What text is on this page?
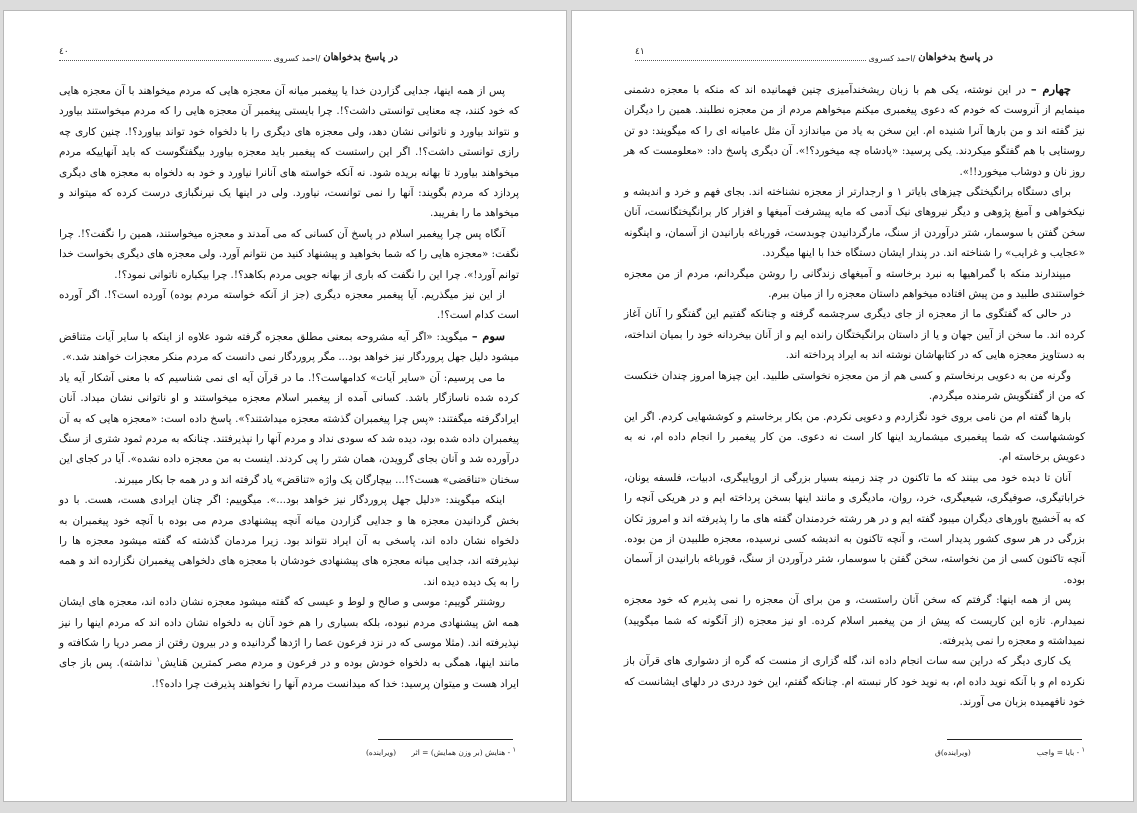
٤٠	در پاسخ بدخواهان
/احمد کسروی

پس از همه اینها، جدایی گزاردن خدا یا پیغمبر میانه آن معجزه هایی که مردم میخواهند با آن معجزه هایی که خود کنند، چه معنایی توانستی داشت؟!. چرا بایستی پیغمبر آن معجزه هایی را که مردم میخواستند بیاورد و نتواند بیاورد و ناتوانی نشان دهد، ولی معجزه های دیگری را با دلخواه خود تواند بیاورد؟!. چنین کاری چه رازی توانستی داشت؟!. اگر این راستست که پیغمبر باید معجزه بیاورد بیگفتگوست که باید آنهاییکه مردم میخواهند بیاورد تا بهانه بریده شود. نه آنکه خواسته های آنانرا نیاورد و خود به دلخواه به معجزه های دیگری پردازد که مردم بگویند: آنها را نمی توانست، نیاورد. ولی در اینها یک نیرنگبازی درست کرده که میتواند و میخواهد ما را بفریبد.

آنگاه پس چرا پیغمبر اسلام در پاسخ آن کسانی که می آمدند و معجزه میخواستند، همین را نگفت؟!. چرا نگفت: «معجزه هایی را که شما بخواهید و پیشنهاد کنید من نتوانم آورد. ولی معجزه های دیگری بخواست خدا توانم آورد!». چرا این را نگفت که باری از بهانه جویی مردم بکاهد؟!. چرا بیکباره ناتوانی نمود؟!.

از این نیز میگذریم. آیا پیغمبر معجزه دیگری (جز از آنکه خواسته مردم بوده) آورده است؟!. اگر آورده است کدام است؟!.

سوم – میگوید: «اگر آیه مشروحه بمعنی مطلق معجزه گرفته شود علاوه از اینکه با سایر آیات متناقض میشود دلیل جهل پروردگار نیز خواهد بود... مگر پروردگار نمی دانست که مردم منکر معجزات خواهند شد.».

ما می پرسیم: آن «سایر آیات» کدامهاست؟!. ما در قرآن آیه ای نمی شناسیم که با معنی آشکار آیه یاد کرده شده ناسازگار باشد. کسانی آمده از پیغمبر اسلام معجزه میخواستند و او ناتوانی نشان میداد. آنان ایرادگرفته میگفتند: «پس چرا پیغمبران گذشته معجزه میداشتند؟». پاسخ داده است: «معجزه هایی که به آن پیغمبران داده شده بود، دیده شد که سودی نداد و مردم آنها را نپذیرفتند. چنانکه به مردم ثمود شتری از سنگ درآورده شد و آنان بجای گرویدن، همان شتر را پی کردند. اینست به من معجزه داده نشده». آیا در کجای این سخنان «تناقضی» هست؟!... بیچارگان یک واژه «تناقض» یاد گرفته اند و در همه جا بکار میبرند.

اینکه میگویند: «دلیل جهل پروردگار نیز خواهد بود...». میگوییم: اگر چنان ایرادی هست، هست. با دو بخش گردانیدن معجزه ها و جدایی گزاردن میانه آنچه پیشنهادی مردم می بوده با آنچه خود پیغمبران به دلخواه نشان داده اند، پاسخی به آن ایراد نتواند بود. زیرا مردمان گذشته که گفته میشود معجزه ها را نپذیرفته اند، جدایی میانه معجزه های پیشنهادی خودشان با معجزه های دلخواهی پیغمبران نگزارده اند و همه را به یک دیده دیده اند.

روشنتر گوییم: موسی و صالح و لوط و عیسی که گفته میشود معجزه نشان داده اند، معجزه های ایشان همه اش پیشنهادی مردم نبوده، بلکه بسیاری را هم خود آنان به دلخواه نشان داده اند که مردم اینها را نیز نپذیرفته اند. (مثلا موسی که در نزد فرعون عصا را اژدها گردانیده و در بیرون رفتن از مصر دریا را شکافته و مانند اینها، همگی به دلخواه خودش بوده و در فرعون و مردم مصر کمترین هَنایش$^١$ نداشته). پس باز جای ایراد هست و میتوان پرسید: خدا که میدانست مردم آنها را نخواهند پذیرفت چرا داده؟!.

$^١$ - هنایش (بر وزن همایش) = اثر
(ویراینده)
٤١	در پاسخ بدخواهان
/احمد کسروی

چهارم – در این نوشته، یکی هم با زبان ریشخندآمیزی چنین فهمانیده اند که منکه با معجزه دشمنی مینمایم از آنروست که خودم که دعوی پیغمبری میکنم میخواهم مردم از من معجزه نطلبند. همین را دیگران نیز گفته اند و من بارها آنرا شنیده ام. این سخن به یاد من میاندازد آن مثل عامیانه ای را که میگویند: دو تن روستایی با هم گفتگو میکردند. یکی پرسید: «پادشاه چه میخورد؟!». آن دیگری پاسخ داد: «معلومست که هر روز نان و دوشاب میخورد!!».

برای دستگاه برانگیختگی چیزهای بایاتر ۱ و ارجدارتر از معجزه نشناخته اند. بجای فهم و خرد و اندیشه و نیکخواهی و آمیغ پژوهی و دیگر نیروهای نیک آدمی که مایه پیشرفت آمیغها و افزار کار برانگیختگانست، آنان سخن گفتن با سوسمار، شتر درآوردن از سنگ، مارگردانیدن چوبدست، قورباغه بارانیدن از آسمان، و اینگونه «عجایب و غرایب» را شناخته اند. در پندار ایشان دستگاه خدا با اینها میگردد.

میپندارند منکه با گمراهیها به نبرد برخاسته و آمیغهای زندگانی را روشن میگردانم، مردم از من معجزه خواستندی طلبید و من پیش افتاده میخواهم داستان معجزه را از میان ببرم.

در حالی که گفتگوی ما از معجزه از جای دیگری سرچشمه گرفته و چنانکه گفتیم این گفتگو را آنان آغاز کرده اند. ما سخن از آیین جهان و یا از داستان برانگیختگان رانده ایم و از آنان بیخردانه خود را بمیان انداخته، به دستاویز معجزه هایی که در کتابهاشان نوشته اند به ایراد پرداخته اند.

وگرنه من به دعویی برنخاستم و کسی هم از من معجزه نخواستی طلبید. این چیزها امروز چندان خنکست که من از گفتگویش شرمنده میگردم.

بارها گفته ام من نامی بروی خود نگزاردم و دعویی نکردم. من بکار برخاستم و کوششهایی کردم. اگر این کوششهاست که شما پیغمبری میشمارید اینها کار است نه دعوی. من کار پیغمبر را انجام داده ام، نه به دعویش برخاسته ام.

آنان تا دیده خود می بینند که ما تاکنون در چند زمینه بسیار بزرگی از اروپاییگری، ادبیات، فلسفه یونان، خراباتیگری، صوفیگری، شیعیگری، خرد، روان، مادیگری و مانند اینها بسخن پرداخته ایم و در هریکی آنچه را که به آخشیج باورهای دیگران میبود گفته ایم و در هر رشته خردمندان گفته های ما را پذیرفته اند و امروز تکان بزرگی در هر سوی کشور پدیدار است، و آنچه تاکنون به اندیشه کسی نرسیده، معجزه طلبیدن از من بوده. آنچه تاکنون کسی از من نخواسته، سخن گفتن با سوسمار، شتر درآوردن از سنگ، قورباغه بارانیدن از آسمان بوده.

پس از همه اینها: گرفتم که سخن آنان راستست، و من برای آن معجزه را نمی پذیرم که خود معجزه نمیدارم. تازه این کاریست که پیش از من پیغمبر اسلام کرده. او نیز معجزه (از آنگونه که شما میگویید) نمیداشته و معجزه را نمی پذیرفته.

یک کاری دیگر که دراین سه سات انجام داده اند، گله گزاری از منست که گره از دشواری های قرآن باز نکرده ام و با آنکه نوید داده ام، به نوید خود کار نبسته ام. چنانکه گفتم، این خود دردی در دلهای ایشانست که خود نافهمیده بزبان می آورند.

$^١$ - بایا = واجب
(ویراینده)ق
